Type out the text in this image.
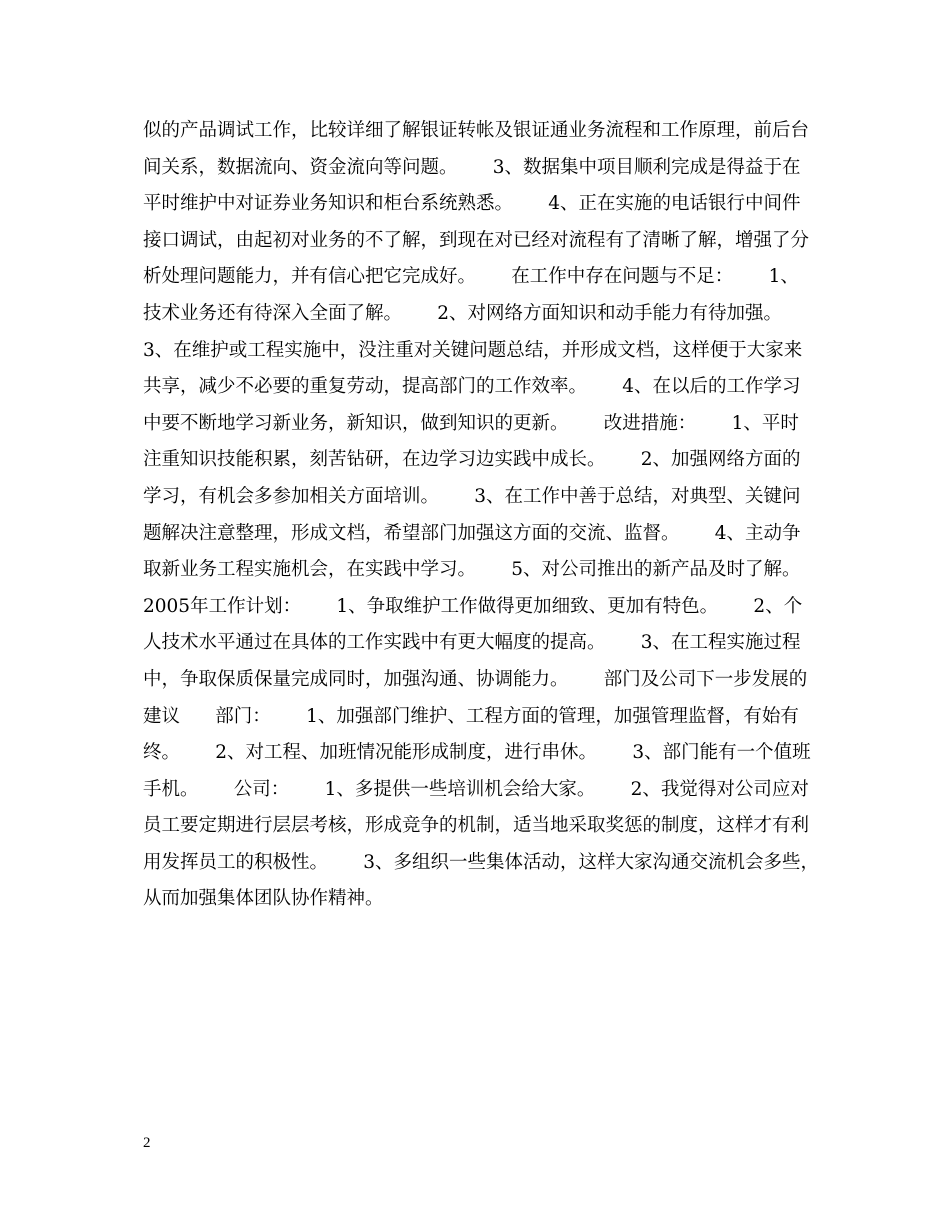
似的产品调试工作，比较详细了解银证转帐及银证通业务流程和工作原理，前后台
间关系，数据流向、资金流向等问题。      3、数据集中项目顺利完成是得益于在
平时维护中对证券业务知识和柜台系统熟悉。      4、正在实施的电话银行中间件
接口调试，由起初对业务的不了解，到现在对已经对流程有了清晰了解，增强了分
析处理问题能力，并有信心把它完成好。      在工作中存在问题与不足：      1、
技术业务还有待深入全面了解。      2、对网络方面知识和动手能力有待加强。
3、在维护或工程实施中，没注重对关键问题总结，并形成文档，这样便于大家来
共享，减少不必要的重复劳动，提高部门的工作效率。      4、在以后的工作学习
中要不断地学习新业务，新知识，做到知识的更新。      改进措施：      1、平时
注重知识技能积累，刻苦钻研，在边学习边实践中成长。      2、加强网络方面的
学习，有机会多参加相关方面培训。      3、在工作中善于总结，对典型、关键问
题解决注意整理，形成文档，希望部门加强这方面的交流、监督。      4、主动争
取新业务工程实施机会，在实践中学习。      5、对公司推出的新产品及时了解。
2005年工作计划：      1、争取维护工作做得更加细致、更加有特色。      2、个
人技术水平通过在具体的工作实践中有更大幅度的提高。      3、在工程实施过程
中，争取保质保量完成同时，加强沟通、协调能力。      部门及公司下一步发展的
建议      部门：      1、加强部门维护、工程方面的管理，加强管理监督，有始有
终。      2、对工程、加班情况能形成制度，进行串休。      3、部门能有一个值班
手机。      公司：      1、多提供一些培训机会给大家。      2、我觉得对公司应对
员工要定期进行层层考核，形成竞争的机制，适当地采取奖惩的制度，这样才有利
用发挥员工的积极性。      3、多组织一些集体活动，这样大家沟通交流机会多些，
从而加强集体团队协作精神。
2
